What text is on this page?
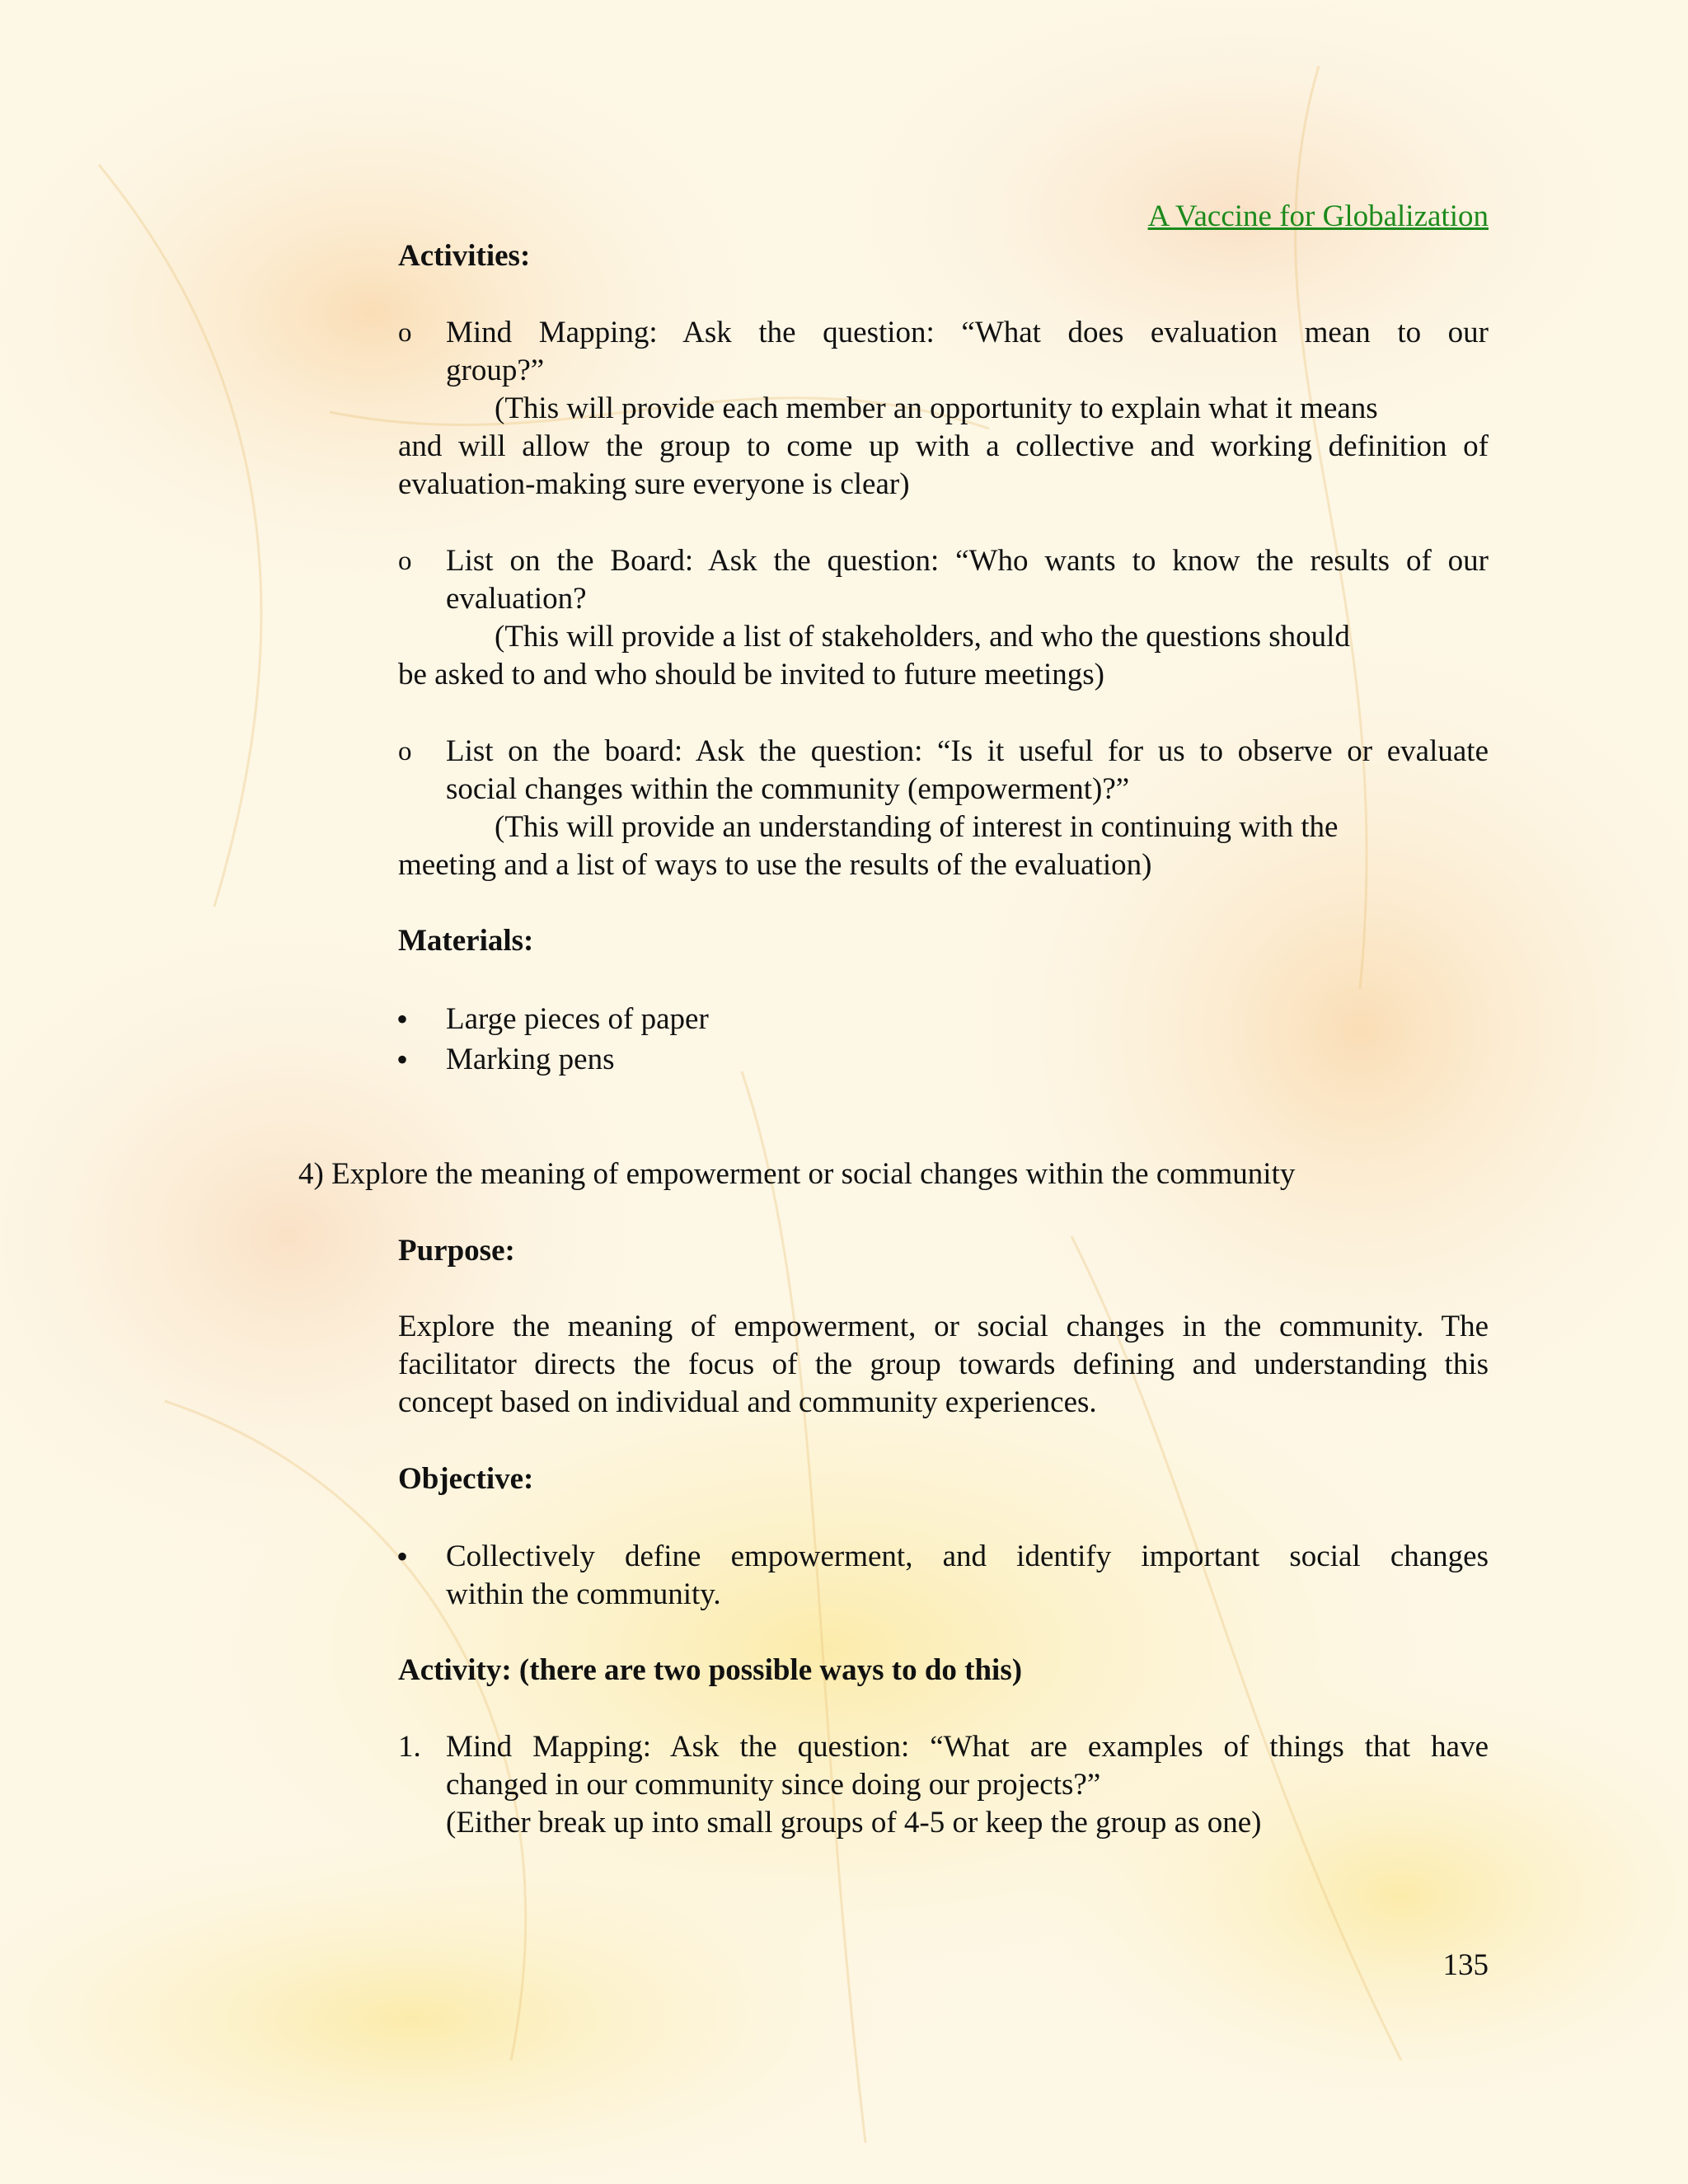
A Vaccine for Globalization
Activities:
o Mind Mapping: Ask the question: “What does evaluation mean to our
group?”
(This will provide each member an opportunity to explain what it means
and will allow the group to come up with a collective and working definition of
evaluation-making sure everyone is clear)
o List on the Board: Ask the question: “Who wants to know the results of our
evaluation?
(This will provide a list of stakeholders, and who the questions should
be asked to and who should be invited to future meetings)
o List on the board: Ask the question: “Is it useful for us to observe or evaluate
social changes within the community (empowerment)?”
(This will provide an understanding of interest in continuing with the
meeting and a list of ways to use the results of the evaluation)
Materials:
• Large pieces of paper
• Marking pens
4) Explore the meaning of empowerment or social changes within the community
Purpose:
Explore the meaning of empowerment, or social changes in the community. The
facilitator directs the focus of the group towards defining and understanding this
concept based on individual and community experiences.
Objective:
• Collectively define empowerment, and identify important social changes
within the community.
Activity: (there are two possible ways to do this)
1. Mind Mapping: Ask the question: “What are examples of things that have
changed in our community since doing our projects?”
(Either break up into small groups of 4-5 or keep the group as one)
135
